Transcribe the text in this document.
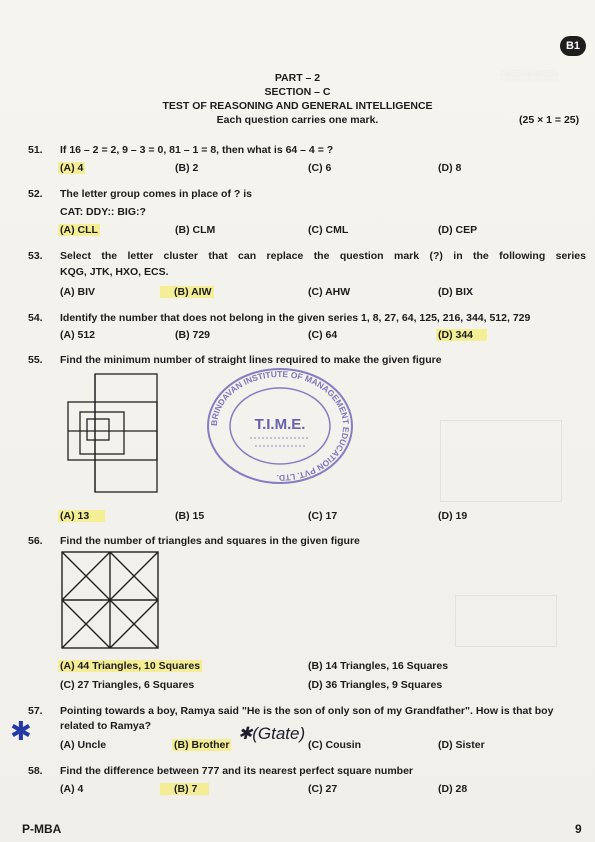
B1
░░░░░░░░░
PART – 2
SECTION – C
TEST OF REASONING AND GENERAL INTELLIGENCE
Each question carries one mark.	(25 × 1 = 25)
51. If 16 – 2 = 2, 9 – 3 = 0, 81 – 1 = 8, then what is 64 – 4 = ?
(A) 4	(B) 2	(C) 6	(D) 8
52. The letter group comes in place of ? is
CAT: DDY:: BIG:?
(A) CLL	(B) CLM	(C) CML	(D) CEP
53. Select the letter cluster that can replace the question mark (?) in the following series
KQG, JTK, HXO, ECS.
(A) BIV	(B) AIW	(C) AHW	(D) BIX
54. Identify the number that does not belong in the given series 1, 8, 27, 64, 125, 216, 344, 512, 729
(A) 512	(B) 729	(C) 64	(D) 344
55. Find the minimum number of straight lines required to make the given figure
BRINDAVAN INSTITUTE OF MANAGEMENT EDUCATION PVT. LTD.
T.I.M.E.
(A) 13	(B) 15	(C) 17	(D) 19
56. Find the number of triangles and squares in the given figure
(A) 44 Triangles, 10 Squares	(B) 14 Triangles, 16 Squares
(C) 27 Triangles, 6 Squares	(D) 36 Triangles, 9 Squares
57. Pointing towards a boy, Ramya said "He is the son of only son of my Grandfather". How is that boy
related to Ramya?
✱	(A) Uncle	(B) Brother
✱(Gtate)
(C) Cousin	(D) Sister
58. Find the difference between 777 and its nearest perfect square number
(A) 4	(B) 7	(C) 27	(D) 28
P-MBA	9
